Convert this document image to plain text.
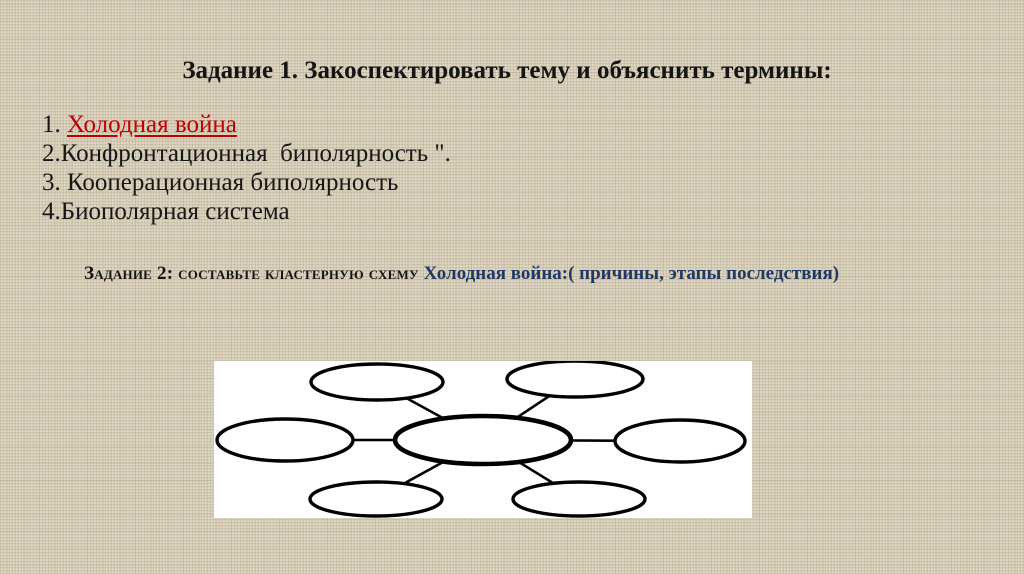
Задание 1. Закоспектировать тему и объяснить термины:
1. Холодная война
2.Конфронтационная  биполярность ".
3. Кооперационная биполярность
4.Биополярная система
Задание 2: составьте кластерную схему Холодная война:( причины, этапы последствия)
